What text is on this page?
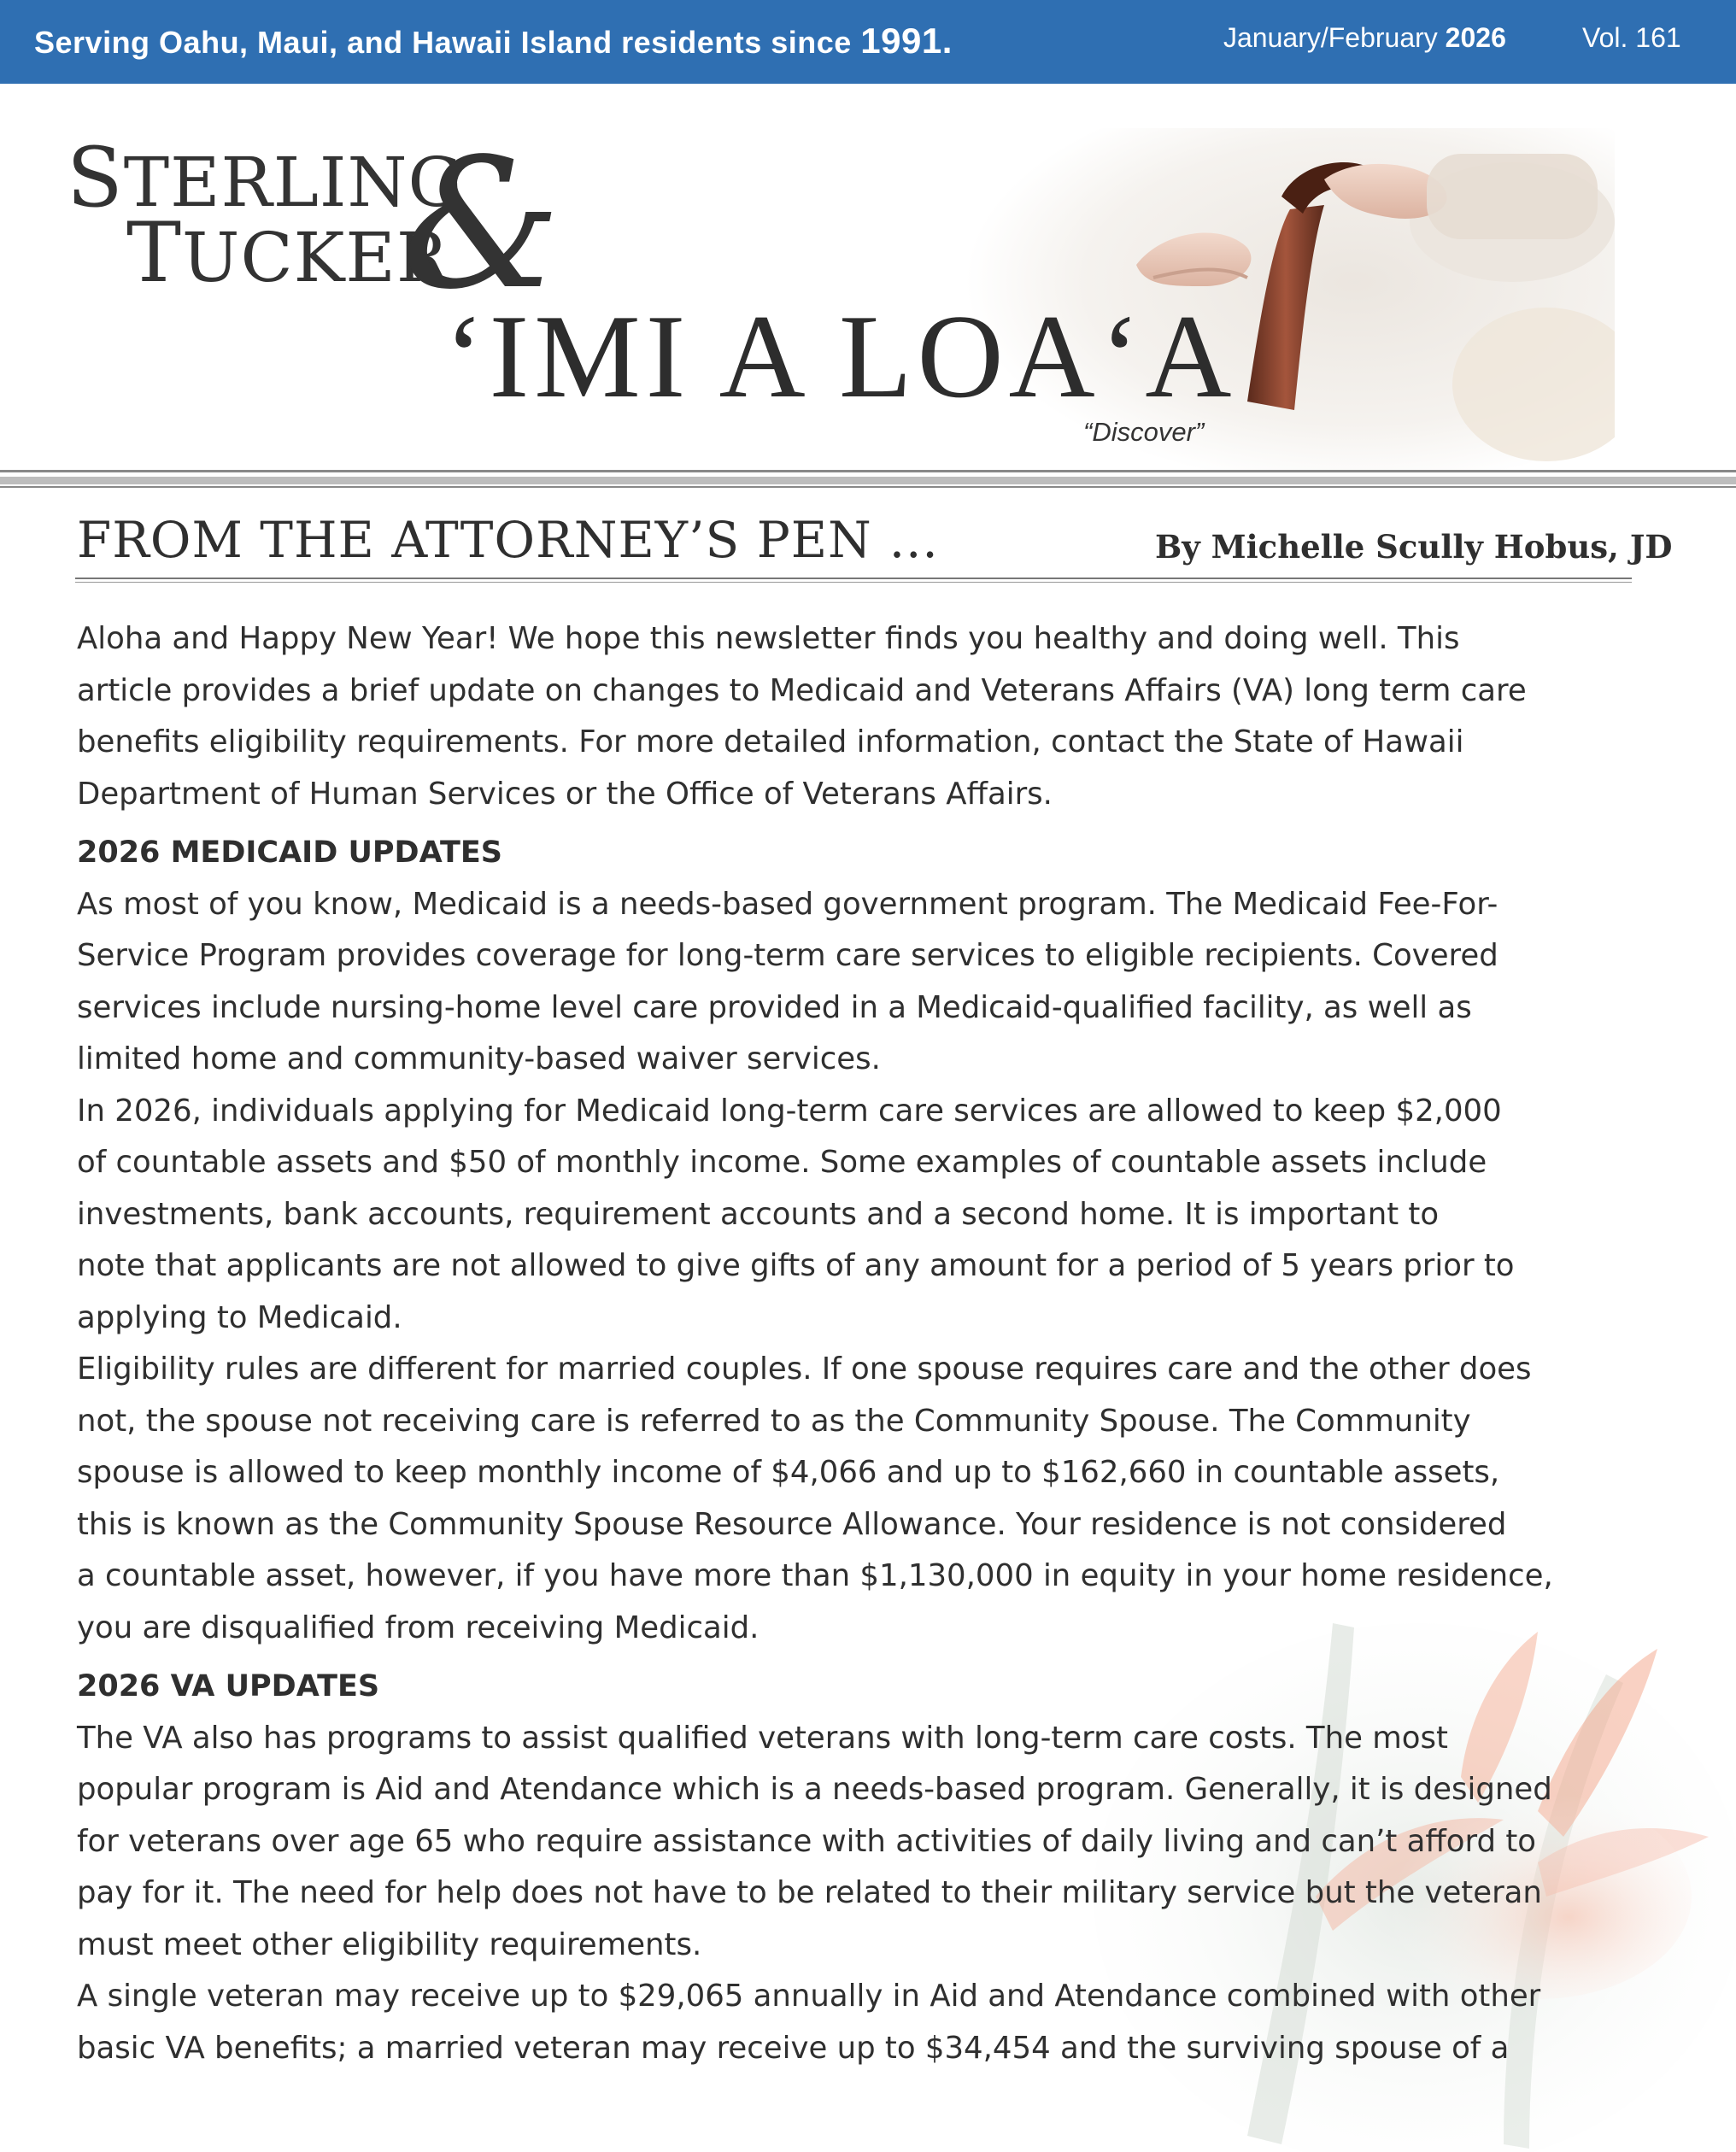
Serving Oahu, Maui, and Hawaii Island residents since 1991.	January/February 2026	Vol. 161
STERLING
TUCKER
&
‘IMI A LOA‘A
“Discover”
FROM THE ATTORNEY’S PEN …	By Michelle Scully Hobus, JD

Aloha and Happy New Year! We hope this newsletter finds you healthy and doing well. This
article provides a brief update on changes to Medicaid and Veterans Affairs (VA) long term care
benefits eligibility requirements. For more detailed information, contact the State of Hawaii
Department of Human Services or the Office of Veterans Affairs.

2026 MEDICAID UPDATES

As most of you know, Medicaid is a needs-based government program. The Medicaid Fee-For-
Service Program provides coverage for long-term care services to eligible recipients. Covered
services include nursing-home level care provided in a Medicaid-qualified facility, as well as
limited home and community-based waiver services.

In 2026, individuals applying for Medicaid long-term care services are allowed to keep $2,000
of countable assets and $50 of monthly income. Some examples of countable assets include
investments, bank accounts, requirement accounts and a second home. It is important to
note that applicants are not allowed to give gifts of any amount for a period of 5 years prior to
applying to Medicaid.

Eligibility rules are different for married couples. If one spouse requires care and the other does
not, the spouse not receiving care is referred to as the Community Spouse. The Community
spouse is allowed to keep monthly income of $4,066 and up to $162,660 in countable assets,
this is known as the Community Spouse Resource Allowance. Your residence is not considered
a countable asset, however, if you have more than $1,130,000 in equity in your home residence,
you are disqualified from receiving Medicaid.

2026 VA UPDATES

The VA also has programs to assist qualified veterans with long-term care costs. The most
popular program is Aid and Atendance which is a needs-based program. Generally, it is designed
for veterans over age 65 who require assistance with activities of daily living and can’t afford to
pay for it. The need for help does not have to be related to their military service but the veteran
must meet other eligibility requirements.

A single veteran may receive up to $29,065 annually in Aid and Atendance combined with other
basic VA benefits; a married veteran may receive up to $34,454 and the surviving spouse of a
